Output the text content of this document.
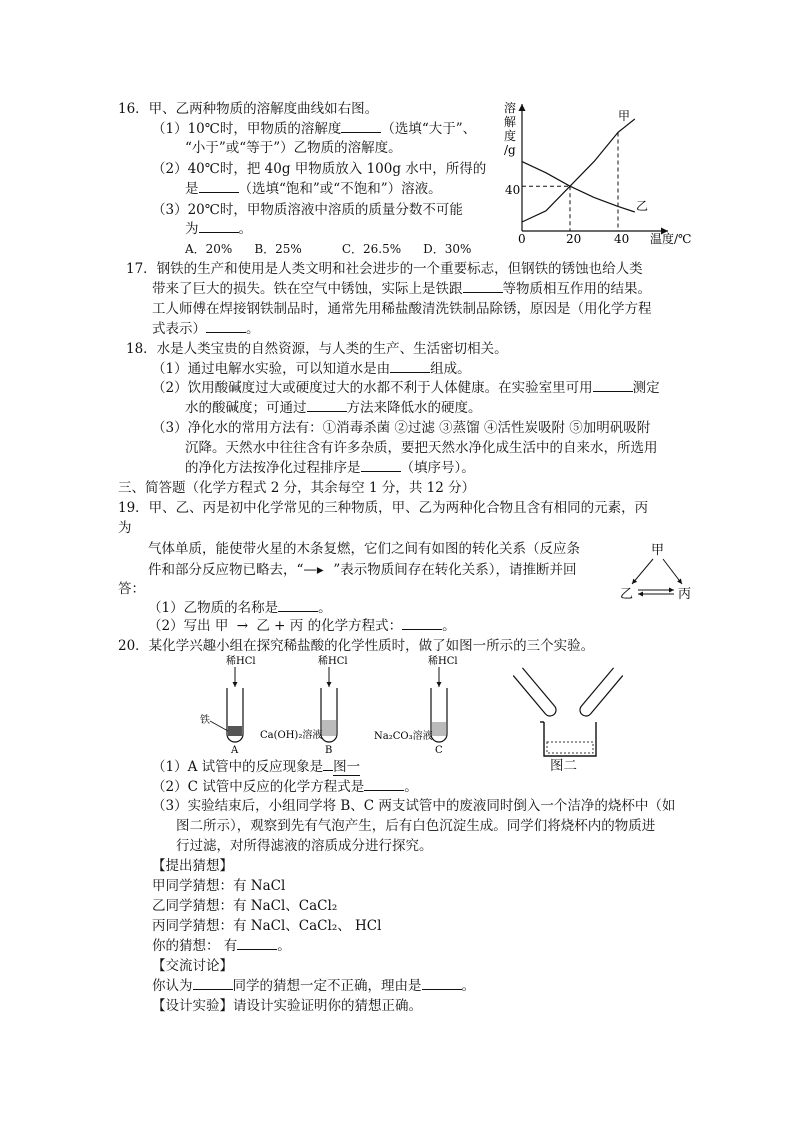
16．甲、乙两种物质的溶解度曲线如右图。
（1）10℃时，甲物质的溶解度	（选填“大于”、
“小于”或“等于”）乙物质的溶解度。
（2）40℃时，把 40g 甲物质放入 100g 水中，所得的
是	（选填“饱和”或“不饱和”）溶液。
（3）20℃时，甲物质溶液中溶质的质量分数不可能
为	。
A．20% B．25%	C．26.5% D．30%
溶
解
度
/g
温度/℃
0	20	40
40
甲
乙
17．钢铁的生产和使用是人类文明和社会进步的一个重要标志，但钢铁的锈蚀也给人类
带来了巨大的损失。铁在空气中锈蚀，实际上是铁跟	等物质相互作用的结果。
工人师傅在焊接钢铁制品时，通常先用稀盐酸清洗铁制品除锈，原因是（用化学方程
式表示）	。
18．水是人类宝贵的自然资源，与人类的生产、生活密切相关。
（1）通过电解水实验，可以知道水是由	组成。
（2）饮用酸碱度过大或硬度过大的水都不利于人体健康。在实验室里可用	测定
水的酸碱度；可通过	方法来降低水的硬度。
（3）净化水的常用方法有：①消毒杀菌 ②过滤 ③蒸馏 ④活性炭吸附 ⑤加明矾吸附
沉降。天然水中往往含有许多杂质，要把天然水净化成生活中的自来水，所选用
的净化方法按净化过程排序是	（填序号）。
三、简答题（化学方程式 2 分，其余每空 1 分，共 12 分）
19．甲、乙、丙是初中化学常见的三种物质，甲、乙为两种化合物且含有相同的元素，丙
为
气体单质，能使带火星的木条复燃，它们之间有如图的转化关系（反应条
件和部分反应物已略去，“—▸ ”表示物质间存在转化关系），请推断并回
答：
（1）乙物质的名称是	。
（2）写出 甲 → 乙 + 丙 的化学方程式：	。
甲
乙	丙
20．某化学兴趣小组在探究稀盐酸的化学性质时，做了如图一所示的三个实验。
稀HCl
铁
A
稀HCl
Ca(OH)₂溶液
B
稀HCl
Na₂CO₃溶液
C
图二
（1）A 试管中的反应现象是 图一
（2）C 试管中反应的化学方程式是	。
（3）实验结束后，小组同学将 B、C 两支试管中的废液同时倒入一个洁净的烧杯中（如
图二所示），观察到先有气泡产生，后有白色沉淀生成。同学们将烧杯内的物质进
行过滤，对所得滤液的溶质成分进行探究。
【提出猜想】
甲同学猜想：有 NaCl
乙同学猜想：有 NaCl、CaCl₂
丙同学猜想：有 NaCl、CaCl₂、 HCl
你的猜想： 有	。
【交流讨论】
你认为	同学的猜想一定不正确，理由是	。
【设计实验】请设计实验证明你的猜想正确。
